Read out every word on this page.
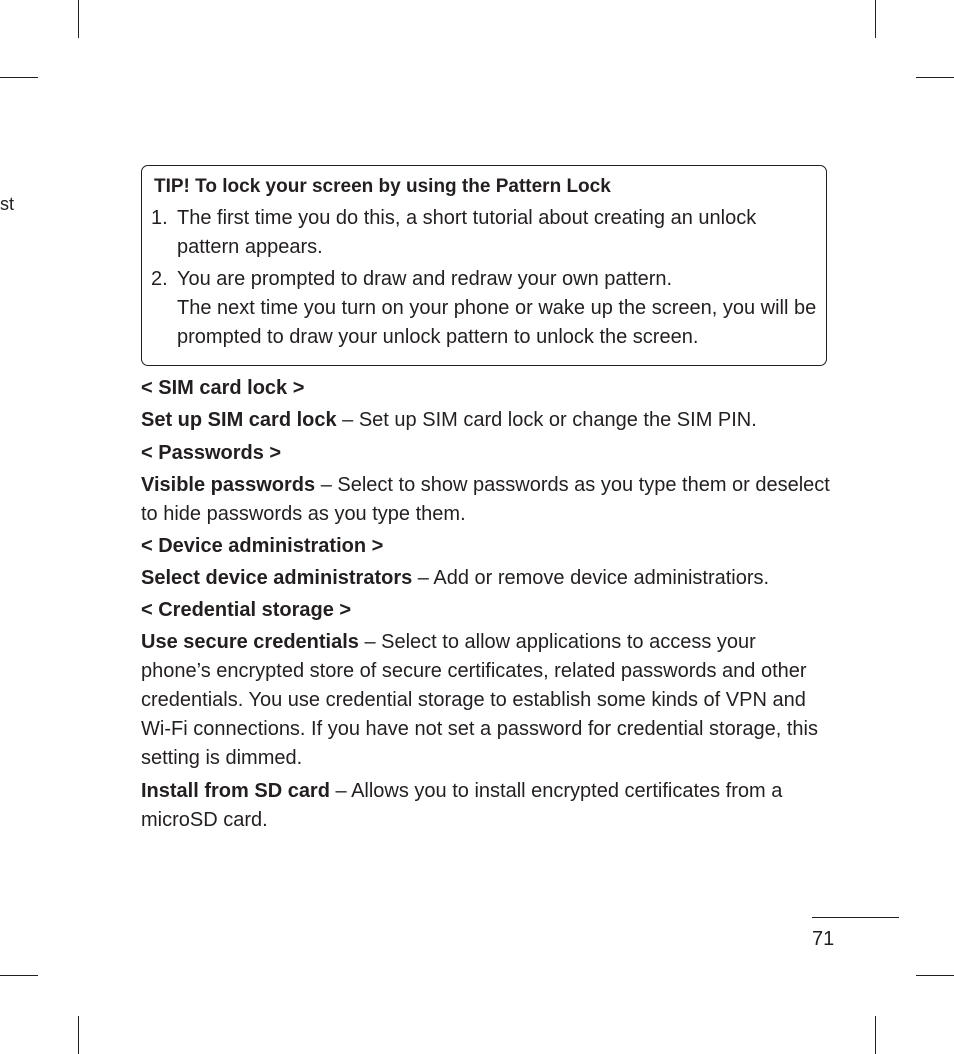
st
TIP! To lock your screen by using the Pattern Lock
1. The first time you do this, a short tutorial about creating an unlock pattern appears.
2. You are prompted to draw and redraw your own pattern.
The next time you turn on your phone or wake up the screen, you will be prompted to draw your unlock pattern to unlock the screen.
< SIM card lock >
Set up SIM card lock – Set up SIM card lock or change the SIM PIN.
< Passwords >
Visible passwords – Select to show passwords as you type them or deselect to hide passwords as you type them.
< Device administration >
Select device administrators – Add or remove device administratiors.
< Credential storage >
Use secure credentials – Select to allow applications to access your phone’s encrypted store of secure certificates, related passwords and other credentials. You use credential storage to establish some kinds of VPN and Wi-Fi connections. If you have not set a password for credential storage, this setting is dimmed.
Install from SD card – Allows you to install encrypted certificates from a microSD card.
71
